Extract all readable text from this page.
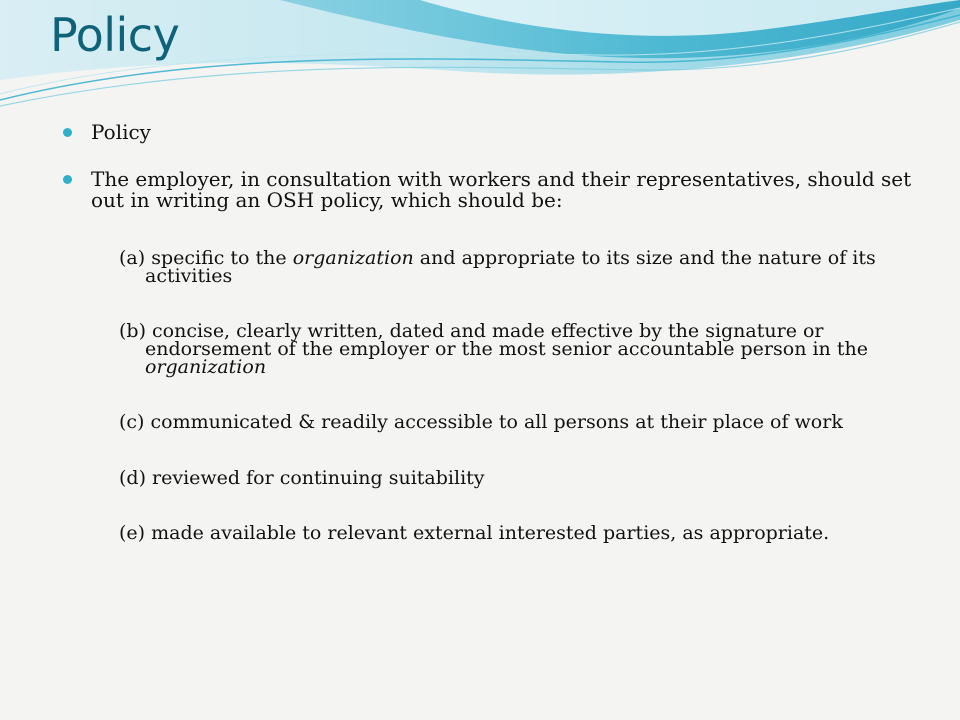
Policy
Policy
The employer, in consultation with workers and their representatives, should set out in writing an OSH policy, which should be:
(a) specific to the organization and appropriate to its size and the nature of its activities
(b) concise, clearly written, dated and made effective by the signature or endorsement of the employer or the most senior accountable person in the organization
(c) communicated & readily accessible to all persons at their place of work
(d) reviewed for continuing suitability
(e) made available to relevant external interested parties, as appropriate.
